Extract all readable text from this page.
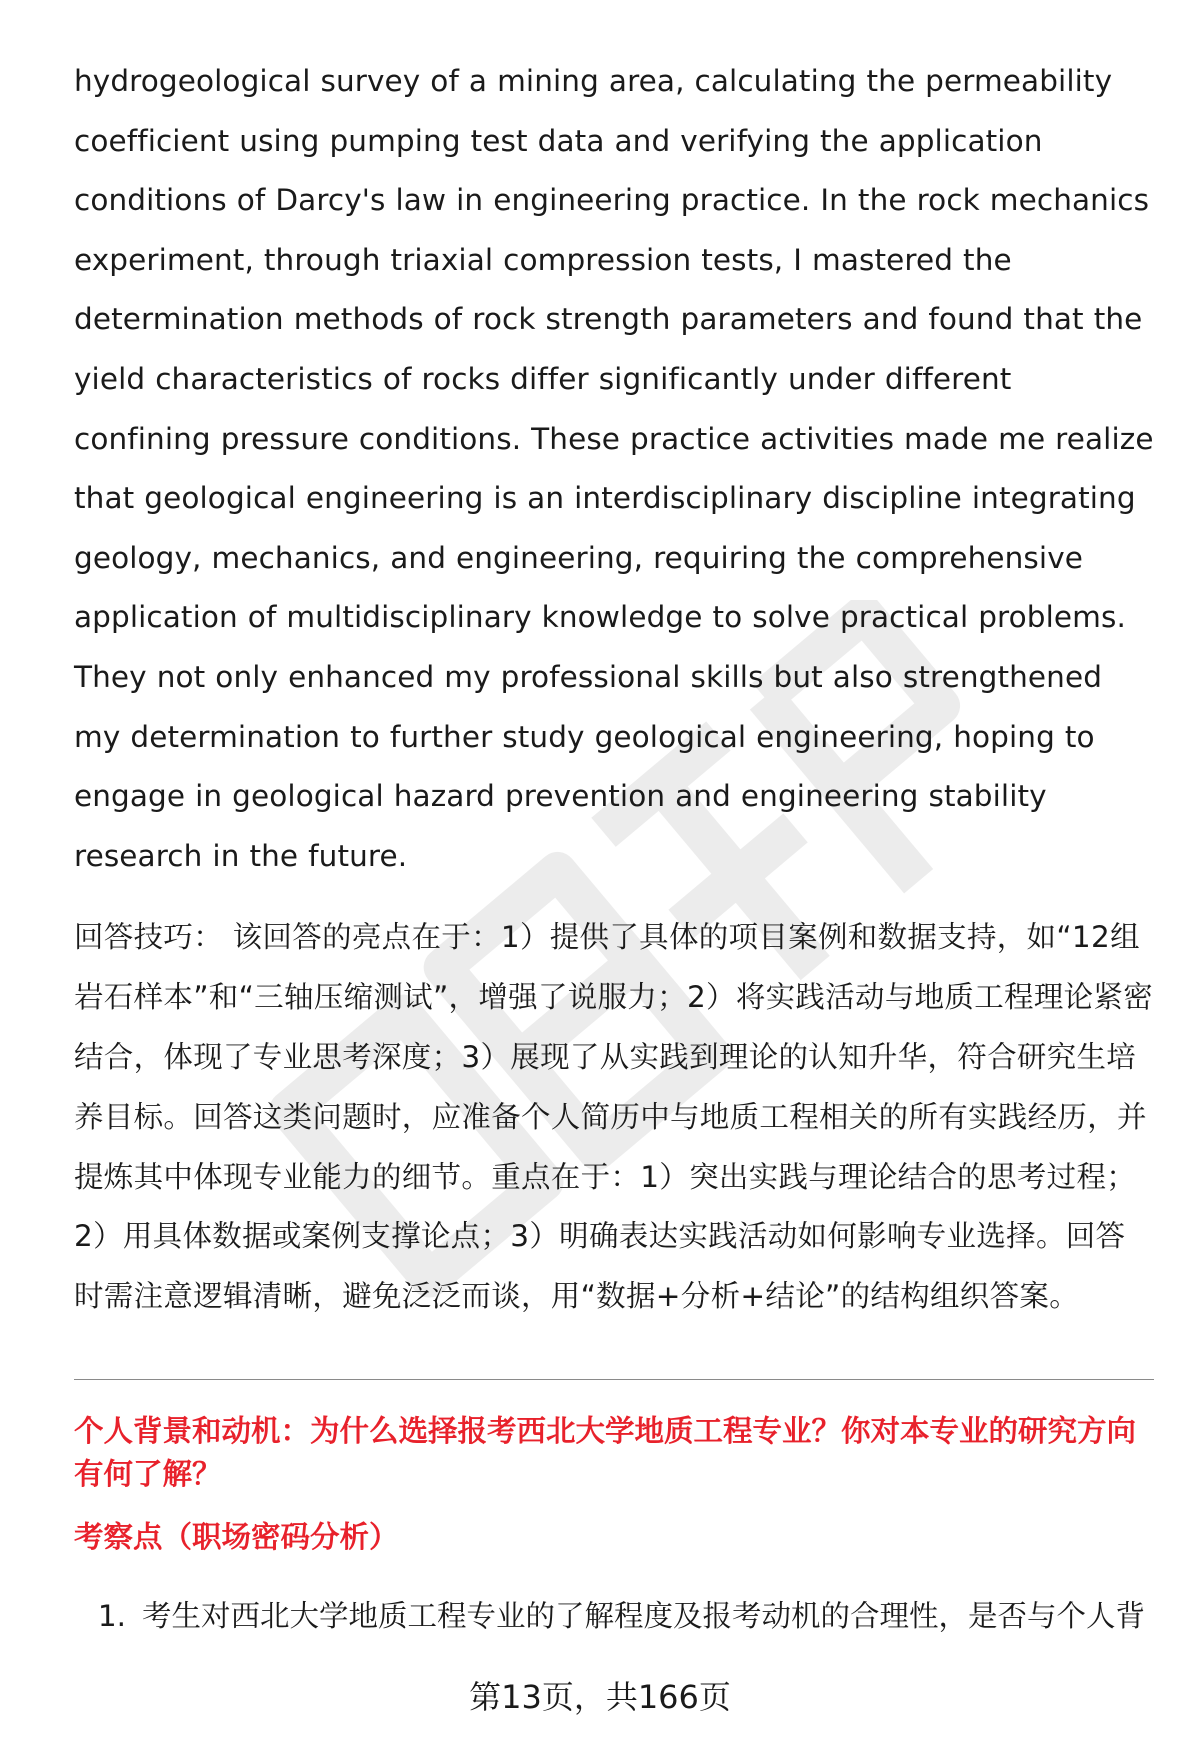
hydrogeological survey of a mining area, calculating the permeability coefficient using pumping test data and verifying the application conditions of Darcy's law in engineering practice. In the rock mechanics experiment, through triaxial compression tests, I mastered the determination methods of rock strength parameters and found that the yield characteristics of rocks differ significantly under different confining pressure conditions. These practice activities made me realize that geological engineering is an interdisciplinary discipline integrating geology, mechanics, and engineering, requiring the comprehensive application of multidisciplinary knowledge to solve practical problems. They not only enhanced my professional skills but also strengthened my determination to further study geological engineering, hoping to engage in geological hazard prevention and engineering stability research in the future.

回答技巧： 该回答的亮点在于：1）提供了具体的项目案例和数据支持，如“12组岩石样本”和“三轴压缩测试”，增强了说服力；2）将实践活动与地质工程理论紧密结合，体现了专业思考深度；3）展现了从实践到理论的认知升华，符合研究生培养目标。回答这类问题时，应准备个人简历中与地质工程相关的所有实践经历，并提炼其中体现专业能力的细节。重点在于：1）突出实践与理论结合的思考过程；2）用具体数据或案例支撑论点；3）明确表达实践活动如何影响专业选择。回答时需注意逻辑清晰，避免泛泛而谈，用“数据+分析+结论”的结构组织答案。

个人背景和动机：为什么选择报考西北大学地质工程专业？你对本专业的研究方向有何了解？
考察点（职场密码分析）
1. 考生对西北大学地质工程专业的了解程度及报考动机的合理性，是否与个人背
第13页，共166页
